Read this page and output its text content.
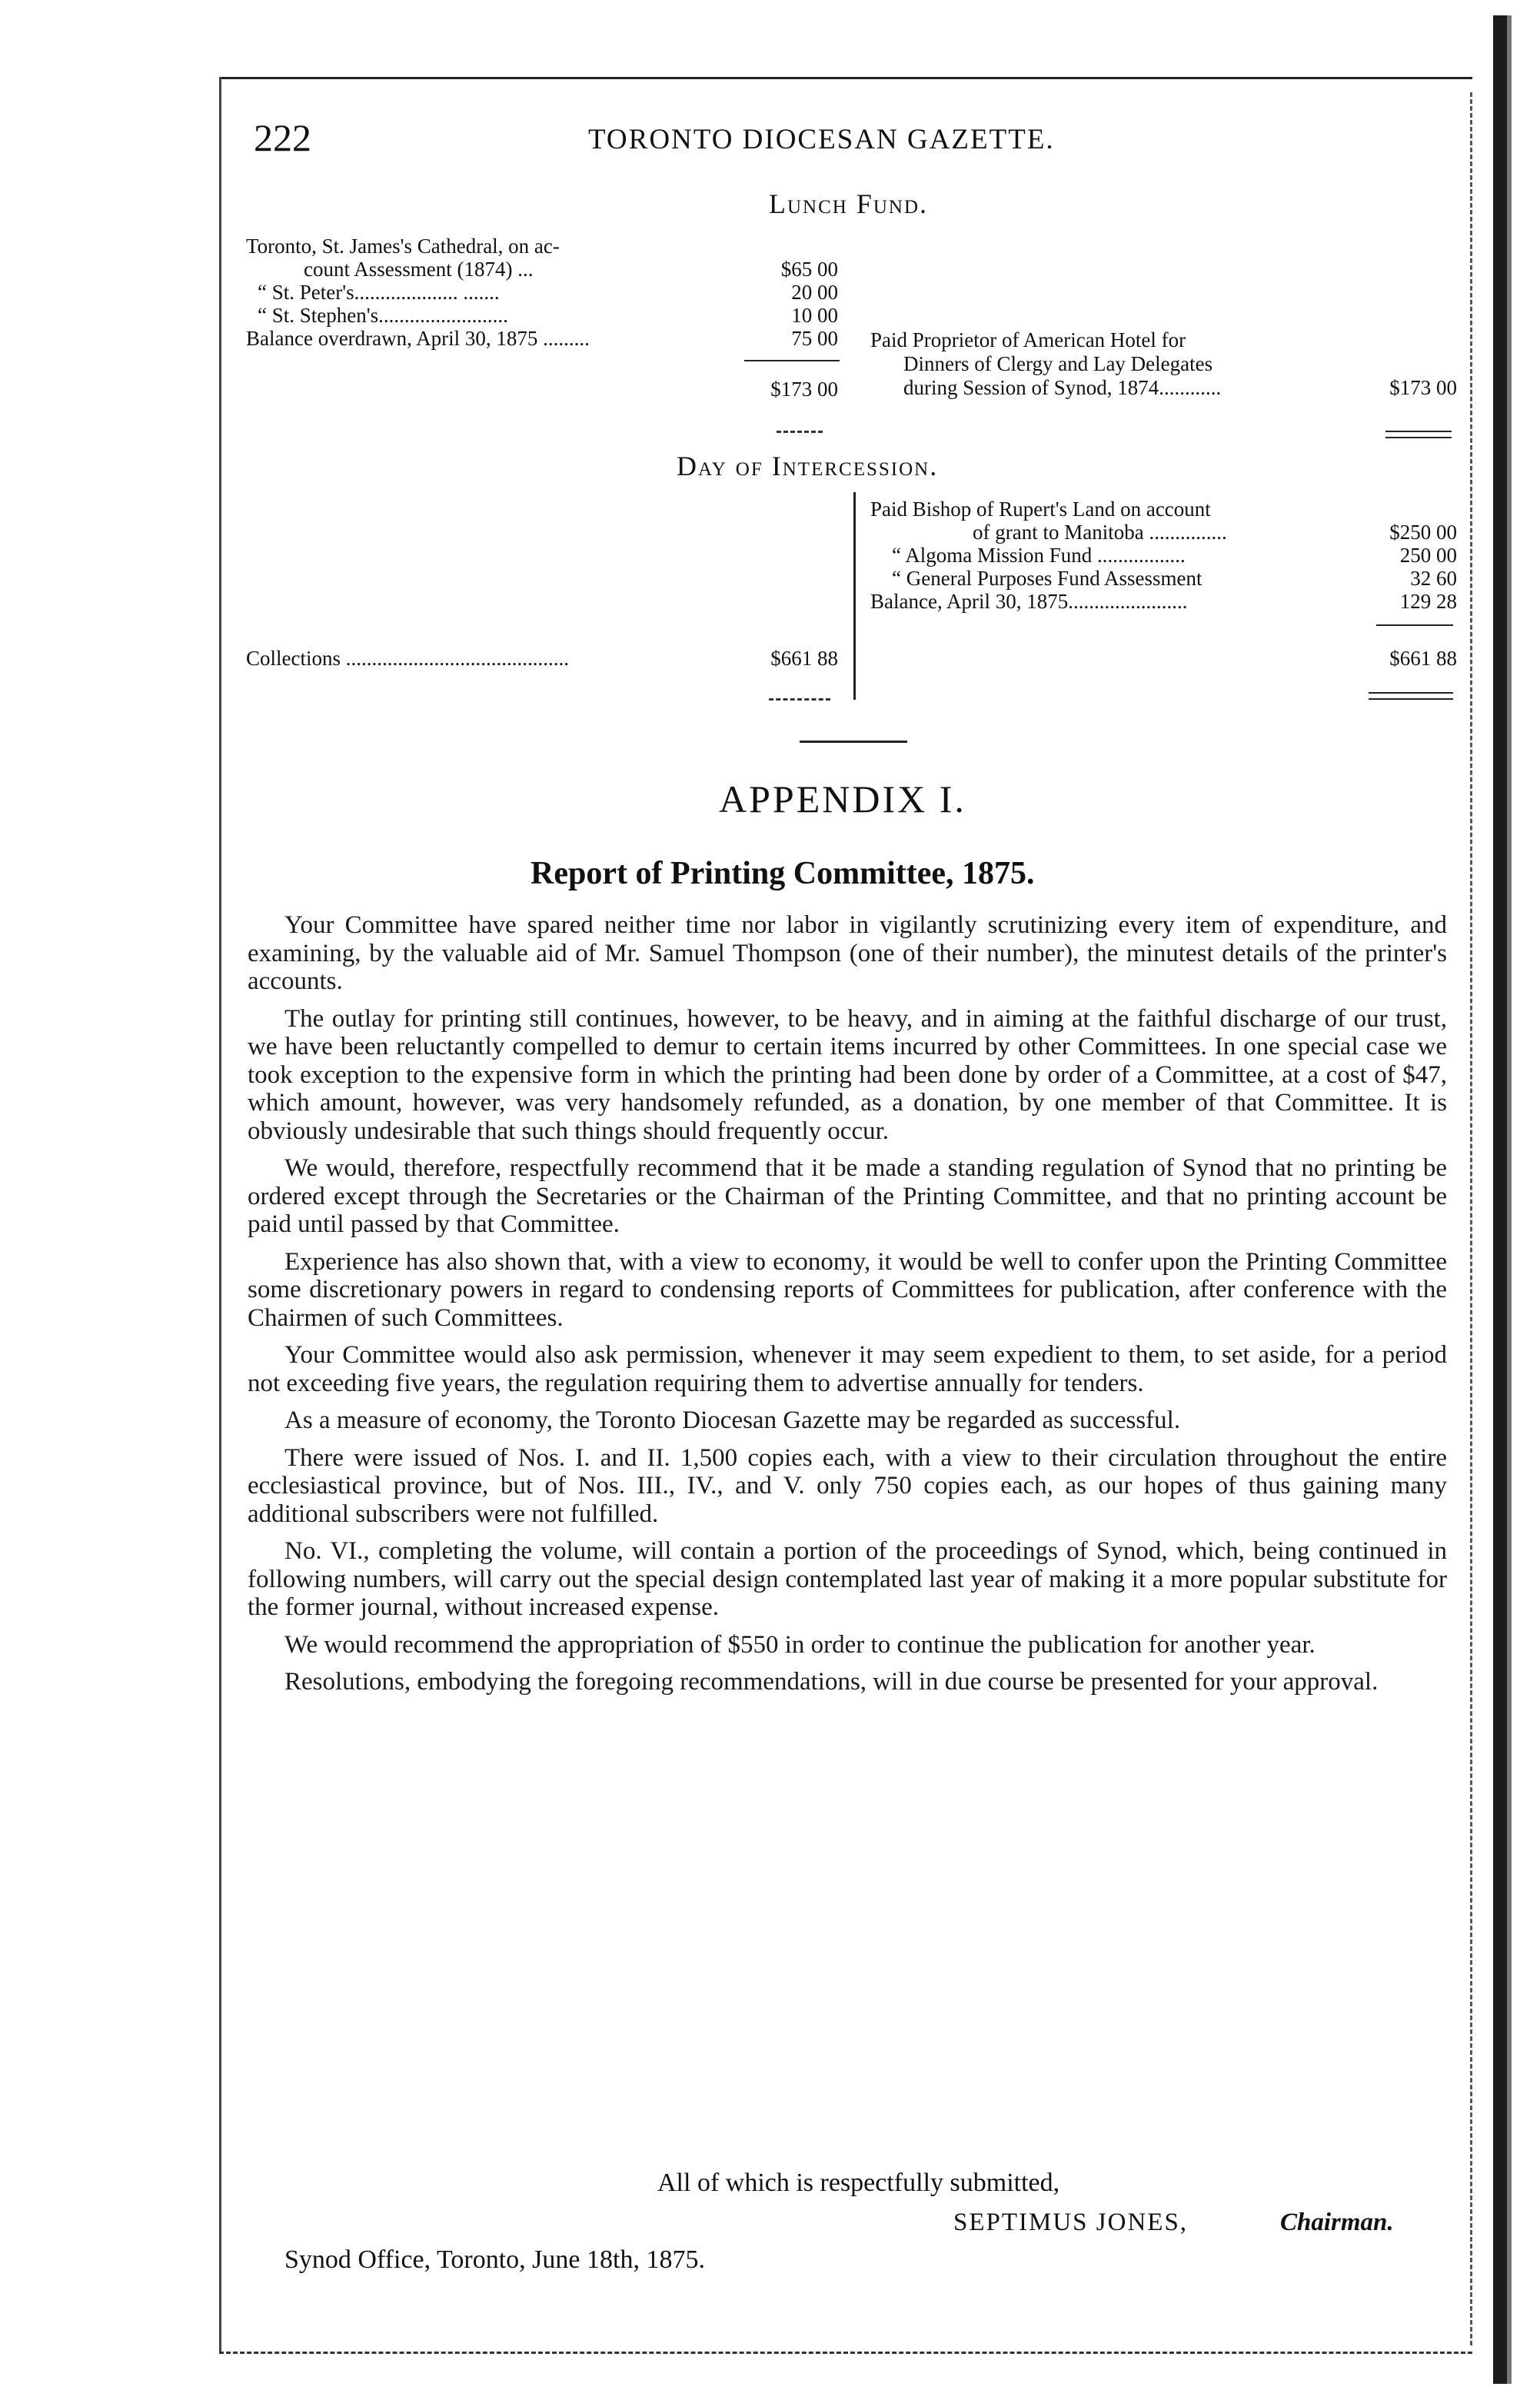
222	TORONTO DIOCESAN GAZETTE.
Lunch Fund.
Toronto, St. James's Cathedral, on ac-
count Assessment (1874) ...	$65 00
“ St. Peter's.................... .......	20 00
“ St. Stephen's.........................	10 00
Balance overdrawn, April 30, 1875 .........	75 00
$173 00
Paid Proprietor of American Hotel for
Dinners of Clergy and Lay Delegates
during Session of Synod, 1874............	$173 00
Day of Intercession.
Paid Bishop of Rupert's Land on account
of grant to Manitoba ...............	$250 00
“ Algoma Mission Fund .................	250 00
“ General Purposes Fund Assessment	32 60
Balance, April 30, 1875.......................	129 28
Collections ...........................................	$661 88	$661 88
APPENDIX I.
Report of Printing Committee, 1875.

Your Committee have spared neither time nor labor in vigilantly scrutinizing every item of expenditure, and examining, by the valuable aid of Mr. Samuel Thompson (one of their number), the minutest details of the printer's accounts.

The outlay for printing still continues, however, to be heavy, and in aiming at the faithful discharge of our trust, we have been reluctantly compelled to demur to certain items incurred by other Committees. In one special case we took exception to the expensive form in which the printing had been done by order of a Committee, at a cost of $47, which amount, however, was very handsomely refunded, as a donation, by one member of that Committee. It is obviously undesirable that such things should frequently occur.

We would, therefore, respectfully recommend that it be made a standing regulation of Synod that no printing be ordered except through the Secretaries or the Chairman of the Printing Committee, and that no printing account be paid until passed by that Committee.

Experience has also shown that, with a view to economy, it would be well to confer upon the Printing Committee some discretionary powers in regard to condensing reports of Committees for publication, after conference with the Chairmen of such Committees.

Your Committee would also ask permission, whenever it may seem expedient to them, to set aside, for a period not exceeding five years, the regulation requiring them to advertise annually for tenders.

As a measure of economy, the Toronto Diocesan Gazette may be regarded as successful.

There were issued of Nos. I. and II. 1,500 copies each, with a view to their circulation throughout the entire ecclesiastical province, but of Nos. III., IV., and V. only 750 copies each, as our hopes of thus gaining many additional subscribers were not fulfilled.

No. VI., completing the volume, will contain a portion of the proceedings of Synod, which, being continued in following numbers, will carry out the special design contemplated last year of making it a more popular substitute for the former journal, without increased expense.

We would recommend the appropriation of $550 in order to continue the publication for another year.

Resolutions, embodying the foregoing recommendations, will in due course be presented for your approval.

All of which is respectfully submitted,
SEPTIMUS JONES,	Chairman.
Synod Office, Toronto, June 18th, 1875.
